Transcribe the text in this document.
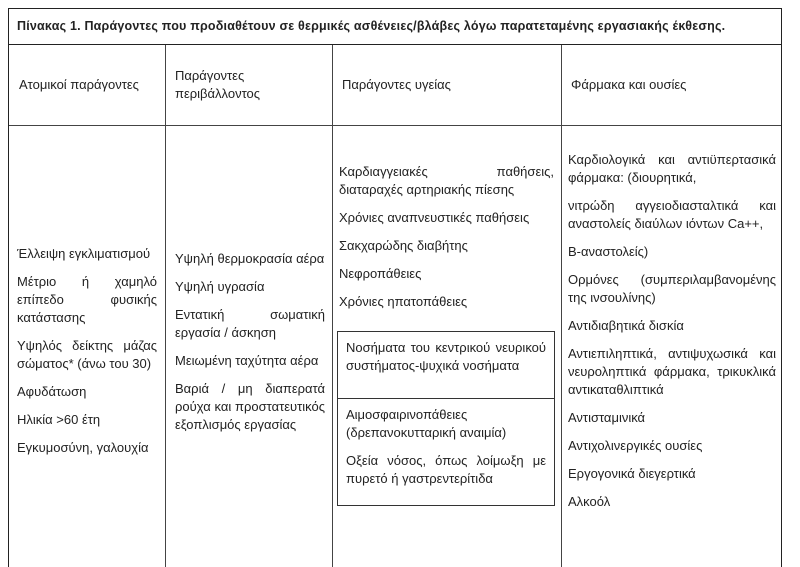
Πίνακας 1. Παράγοντες που προδιαθέτουν σε θερμικές ασθένειες/βλάβες λόγω παρατεταμένης εργασιακής έκθεσης.
Ατομικοί παράγοντες
Παράγοντες περιβάλλοντος
Παράγοντες υγείας	Φάρμακα και ουσίες

Έλλειψη εγκλιματισμού

Μέτριο ή χαμηλό επίπεδο φυσικής κατάστασης

Υψηλός δείκτης μάζας σώματος* (άνω του 30)

Αφυδάτωση

Ηλικία >60 έτη

Εγκυμοσύνη, γαλουχία

Υψηλή θερμοκρασία αέρα

Υψηλή υγρασία

Εντατική σωματική εργασία / άσκηση

Μειωμένη ταχύτητα αέρα

Βαριά / μη διαπερατά ρούχα και προστατευτικός εξοπλισμός εργασίας

Καρδιαγγειακές παθήσεις, διαταραχές αρτηριακής πίεσης

Χρόνιες αναπνευστικές παθήσεις

Σακχαρώδης διαβήτης

Νεφροπάθειες

Χρόνιες ηπατοπάθειες

Νοσήματα του κεντρικού νευρικού συστήματος-ψυχικά νοσήματα

Αιμοσφαιρινοπάθειες (δρεπανοκυτταρική αναιμία)

Οξεία νόσος, όπως λοίμωξη με πυρετό ή γαστρεντερίτιδα

Καρδιολογικά και αντιϋπερτασικά φάρμακα: (διουρητικά,

νιτρώδη αγγειοδιασταλτικά και αναστολείς διαύλων ιόντων Ca++,

Β-αναστολείς)

Ορμόνες (συμπεριλαμβανομένης της ινσουλίνης)

Αντιδιαβητικά δισκία

Αντιεπιληπτικά, αντιψυχωσικά και νευροληπτικά φάρμακα, τρικυκλικά αντικαταθλιπτικά

Αντισταμινικά

Αντιχολινεργικές ουσίες

Εργογονικά διεγερτικά

Αλκοόλ
